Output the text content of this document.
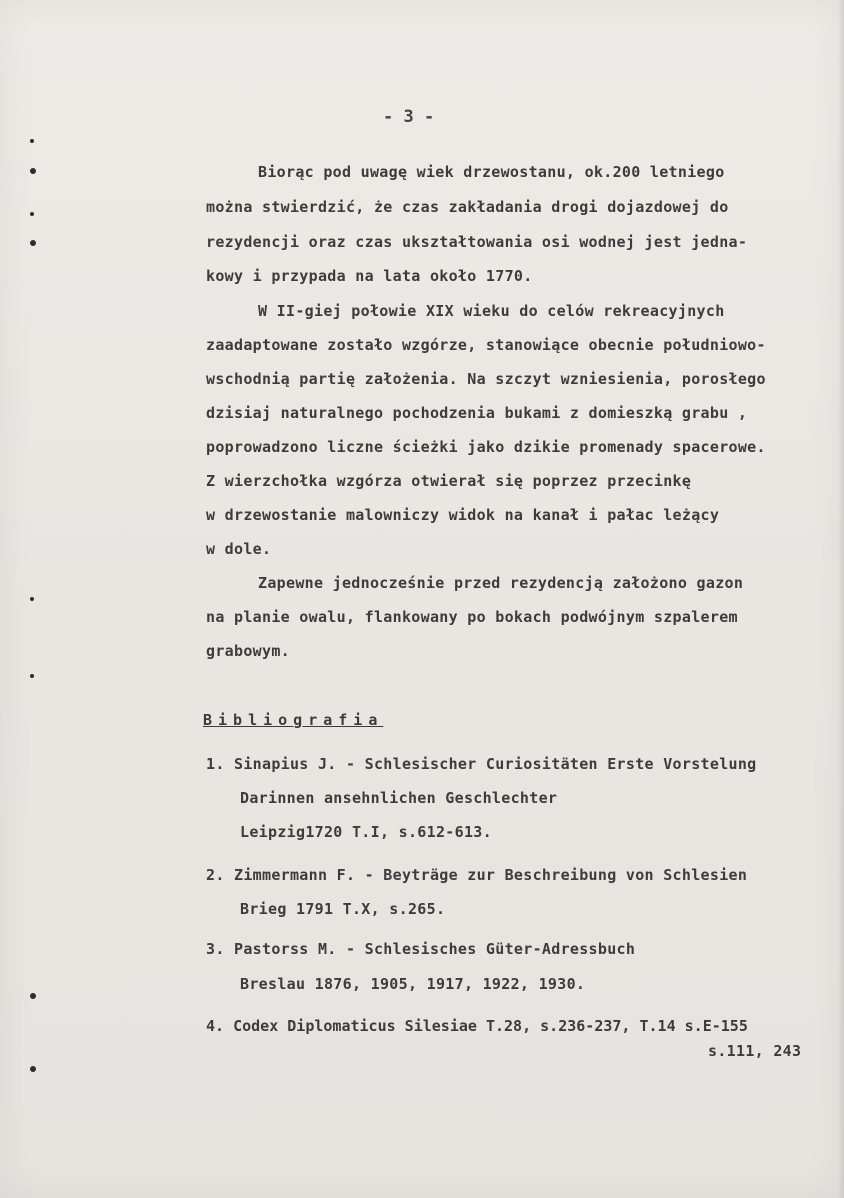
- 3 -
Biorąc pod uwagę wiek drzewostanu, ok.200 letniego
można stwierdzić, że czas zakładania drogi dojazdowej do
rezydencji oraz czas ukształtowania osi wodnej jest jedna-
kowy i przypada na lata około 1770.
W II-giej połowie XIX wieku do celów rekreacyjnych
zaadaptowane zostało wzgórze, stanowiące obecnie południowo-
wschodnią partię założenia. Na szczyt wzniesienia, porosłego
dzisiaj naturalnego pochodzenia bukami z domieszką grabu ,
poprowadzono liczne ścieżki jako dzikie promenady spacerowe.
Z wierzchołka wzgórza otwierał się poprzez przecinkę
w drzewostanie malowniczy widok na kanał i pałac leżący
w dole.
Zapewne jednocześnie przed rezydencją założono gazon
na planie owalu, flankowany po bokach podwójnym szpalerem
grabowym.
Bibliografia
1. Sinapius J. - Schlesischer Curiositäten Erste Vorstelung
Darinnen ansehnlichen Geschlechter
Leipzig1720 T.I, s.612-613.
2. Zimmermann F. - Beyträge zur Beschreibung von Schlesien
Brieg 1791 T.X, s.265.
3. Pastorss M. - Schlesisches Güter-Adressbuch
Breslau 1876, 1905, 1917, 1922, 1930.
4. Codex Diplomaticus Silesiae T.28, s.236-237, T.14 s.E-155
s.111, 243
